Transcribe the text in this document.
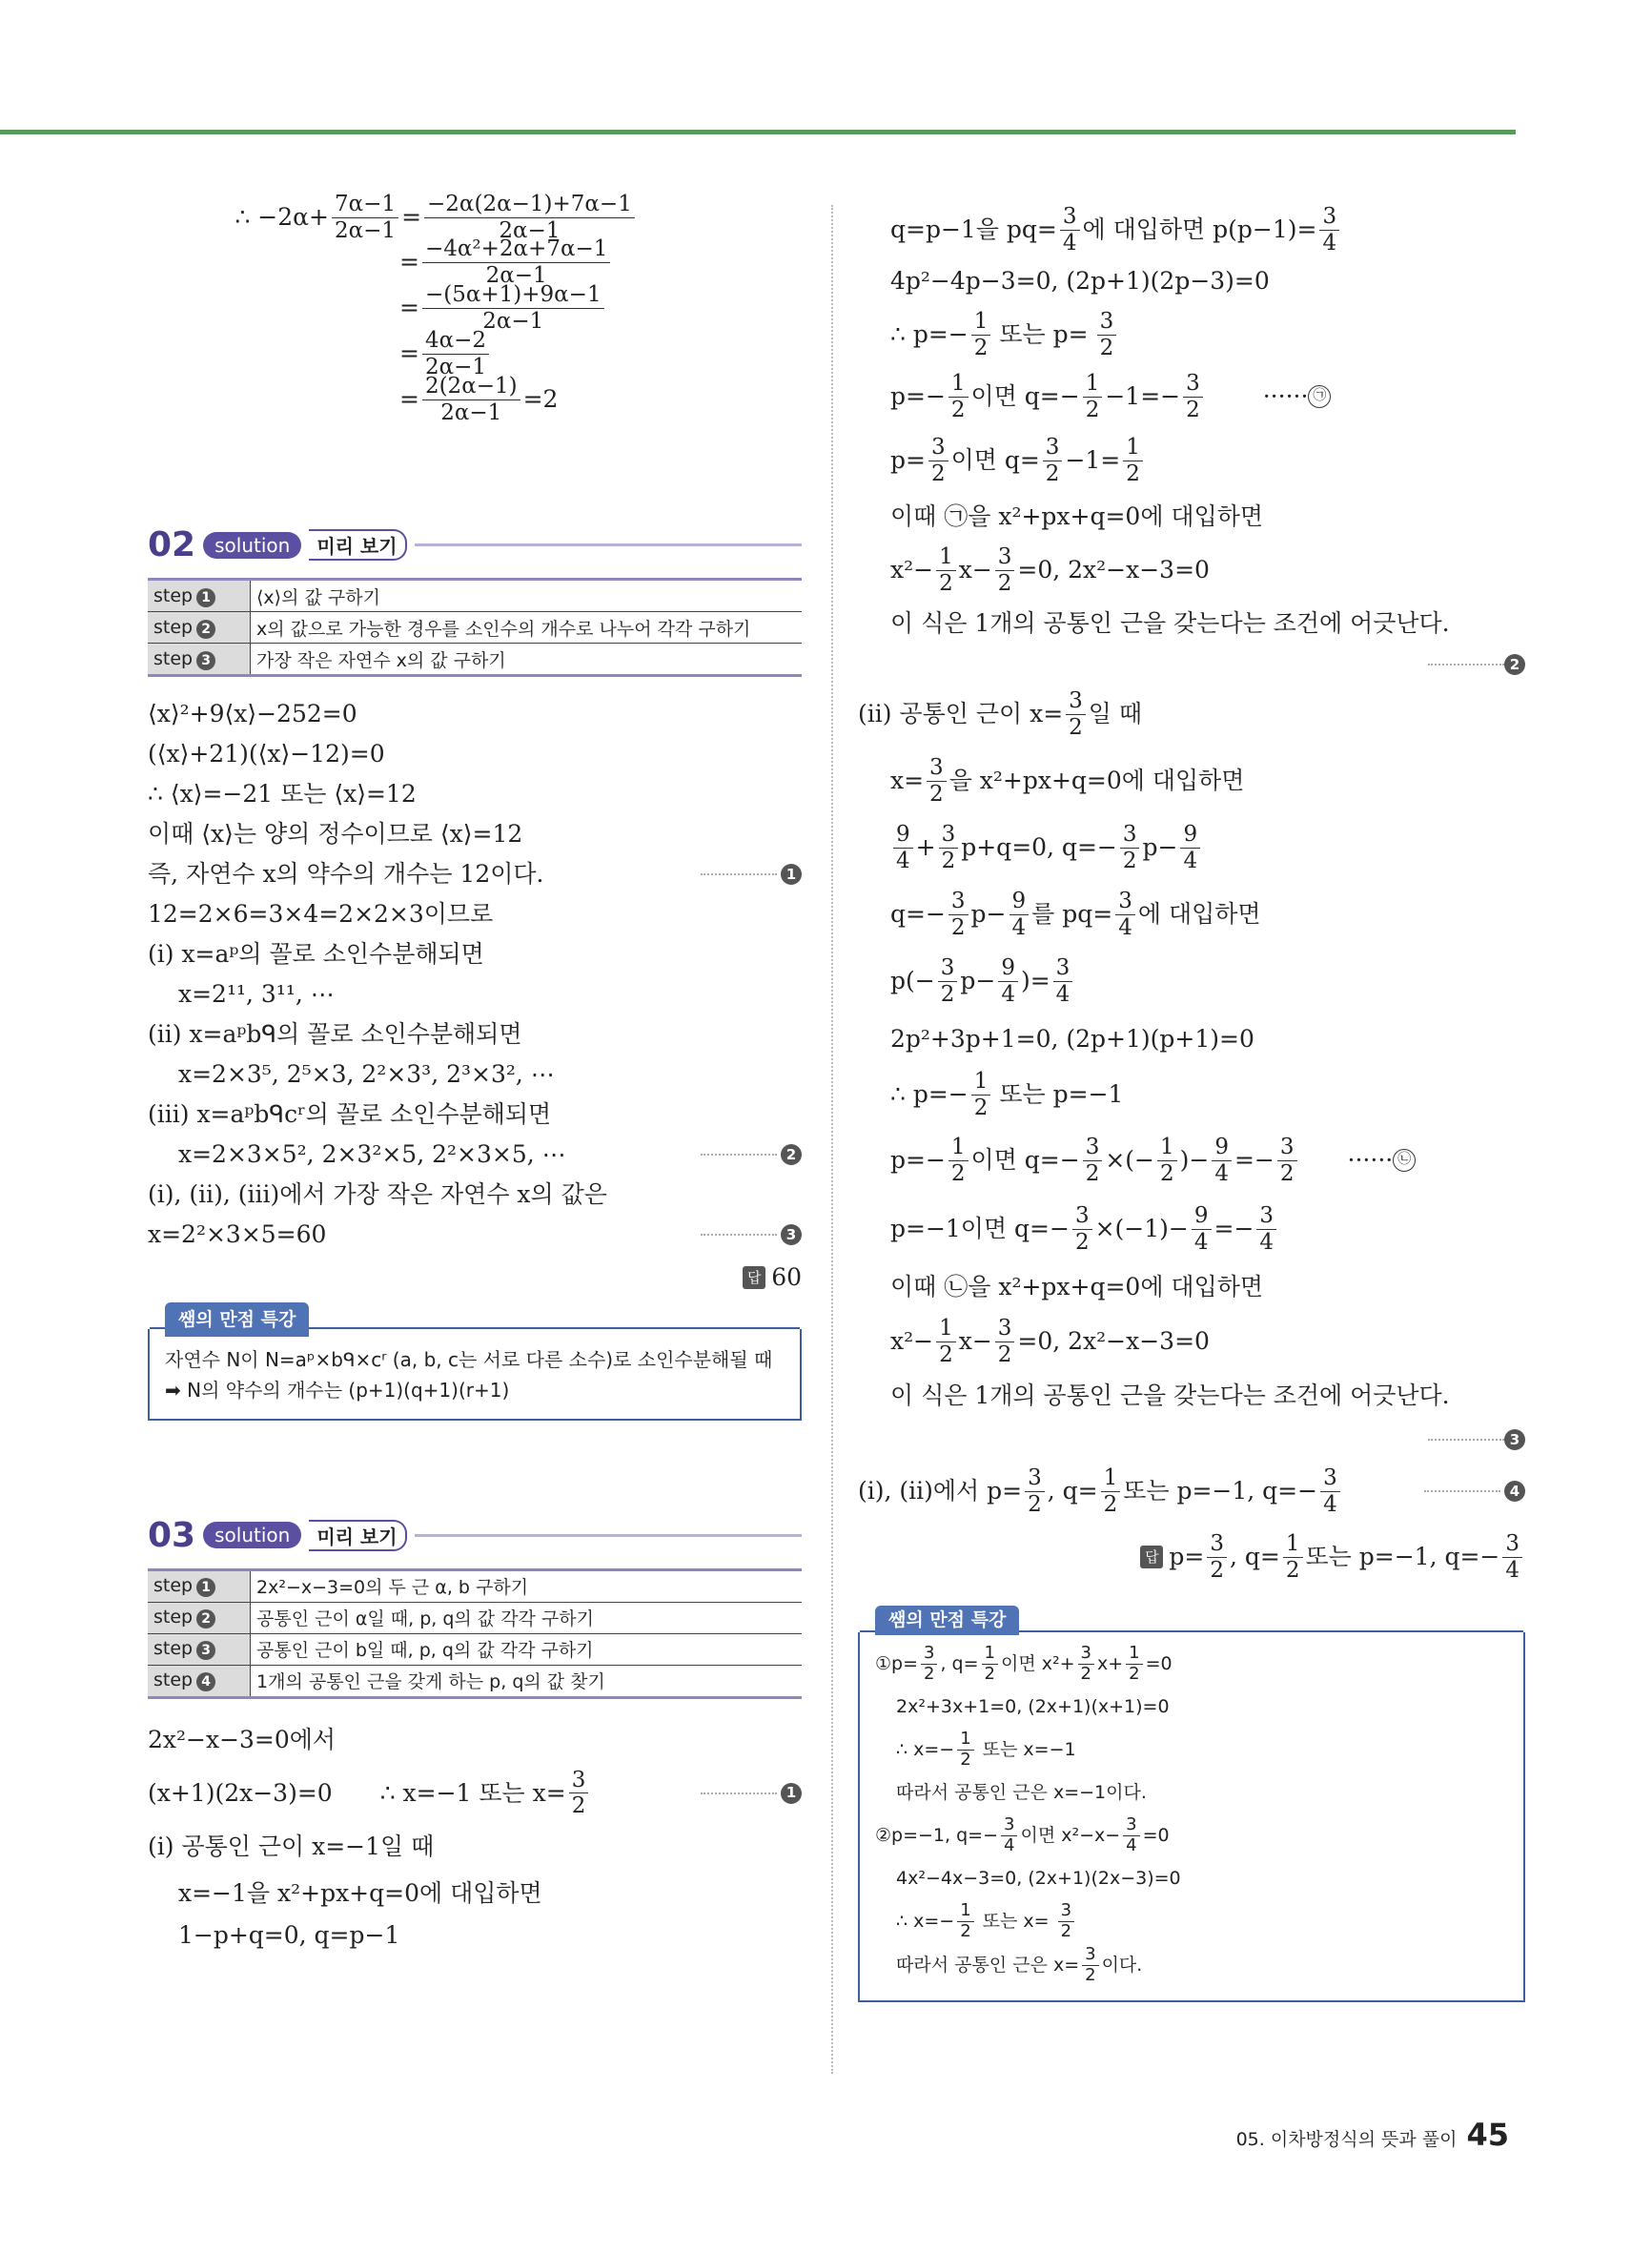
∴ $-2\alpha+ \frac{7\alpha-1}{2\alpha-1} = \frac{-2\alpha(2\alpha-1)+7\alpha-1}{2\alpha-1}$
= $\frac{\text{−4α²+2α+7α−1}}{2\alpha-1}$
= $\frac{-(5\alpha+1)+9\alpha-1}{2\alpha-1}$
= $\frac{4\alpha-2}{2\alpha-1}$
= $\frac{2(2\alpha-1)}{2\alpha-1} =2$
02	solution	미리 보기
step 1	⟨x⟩의 값 구하기
step 2	x의 값으로 가능한 경우를 소인수의 개수로 나누어 각각 구하기
step 3	가장 작은 자연수 x의 값 구하기
⟨x⟩²+9⟨x⟩−252=0
(⟨x⟩+21)(⟨x⟩−12)=0
∴ ⟨x⟩=−21 또는 ⟨x⟩=12
이때 ⟨x⟩는 양의 정수이므로 ⟨x⟩=12
즉, 자연수 x의 약수의 개수는 12이다.	1
12=2×6=3×4=2×2×3이므로
(ⅰ) x=aᵖ의 꼴로 소인수분해되면
x=2¹¹, 3¹¹, ⋯
(ⅱ) x=aᵖbᑫ의 꼴로 소인수분해되면
x=2×3⁵, 2⁵×3, 2²×3³, 2³×3², ⋯
(ⅲ) x=aᵖbᑫcʳ의 꼴로 소인수분해되면
x=2×3×5², 2×3²×5, 2²×3×5, ⋯	2
(ⅰ), (ⅱ), (ⅲ)에서 가장 작은 자연수 x의 값은
x=2²×3×5=60	3
답 60
쌤의 만점 특강
자연수 N이 N=aᵖ×bᑫ×cʳ (a, b, c는 서로 다른 소수)로 소인수분해될 때
➡ N의 약수의 개수는 (p+1)(q+1)(r+1)
03	solution	미리 보기
step 1	2x²−x−3=0의 두 근 α, b 구하기
step 2	공통인 근이 α일 때, p, q의 값 각각 구하기
step 3	공통인 근이 b일 때, p, q의 값 각각 구하기
step 4	1개의 공통인 근을 갖게 하는 p, q의 값 찾기
2x²−x−3=0에서
(x+1)(2x−3)=0 ∴ x=−1 또는 $x= \frac{3}{2}$	1
(ⅰ) 공통인 근이 x=−1일 때
x=−1을 x²+px+q=0에 대입하면
1−p+q=0, q=p−1
q=p−1을 $pq= \frac{3}{4}$ 에 대입하면 $p(p-1)= \frac{3}{4}$
4p²−4p−3=0, (2p+1)(2p−3)=0
∴ $p=- \frac{1}{2}$ 또는 $p= \frac{3}{2}$
$p=- \frac{1}{2}$ 이면 $q=- \frac{1}{2} -1=- \frac{3}{2}$	······ ㉠
$p= \frac{3}{2}$ 이면 $q= \frac{3}{2} -1= \frac{1}{2}$
이때 ㉠을 x²+px+q=0에 대입하면
$x^2- \frac{1}{2} x- \frac{3}{2} =0$, 2x²−x−3=0
이 식은 1개의 공통인 근을 갖는다는 조건에 어긋난다.
2
(ⅱ) 공통인 근이 $x= \frac{3}{2}$ 일 때
$x= \frac{3}{2}$ 을 x²+px+q=0에 대입하면
$\frac{9}{4} + \frac{3}{2} p+q=0$, $q=- \frac{3}{2} p- \frac{9}{4}$
$q=- \frac{3}{2} p- \frac{9}{4}$ 를 $pq= \frac{3}{4}$ 에 대입하면
$p(- \frac{3}{2} p- \frac{9}{4}$ )= $\frac{3}{4}$
2p²+3p+1=0, (2p+1)(p+1)=0
∴ $p=- \frac{1}{2}$ 또는 p=−1
$p=- \frac{1}{2}$ 이면 $q=- \frac{3}{2}$ ×(− $\frac{1}{2}$ )− $\frac{9}{4} =- \frac{3}{2}$ ······ ㉡
p=−1이면 $q=- \frac{3}{2} \times(-1)- \frac{9}{4} =- \frac{3}{4}$
이때 ㉡을 x²+px+q=0에 대입하면
$x^2- \frac{1}{2} x- \frac{3}{2} =0$, 2x²−x−3=0
이 식은 1개의 공통인 근을 갖는다는 조건에 어긋난다.
3
(ⅰ), (ⅱ)에서 $p= \frac{3}{2}$ , $q= \frac{1}{2}$ 또는 p=−1, $q=- \frac{3}{4}$	4
답 $p= \frac{3}{2}$ , $q= \frac{1}{2}$ 또는 p=−1, $q=- \frac{3}{4}$
쌤의 만점 특강
①p= $\frac{3}{2}$ , $q= \frac{1}{2}$ 이면 $x^2+ \frac{3}{2} x+ \frac{1}{2} =0$
2x²+3x+1=0, (2x+1)(x+1)=0
∴ $x=- \frac{1}{2}$ 또는 x=−1
따라서 공통인 근은 x=−1이다.
②p=−1, $q=- \frac{3}{4}$ 이면 $x^2-x- \frac{3}{4} =0$
4x²−4x−3=0, (2x+1)(2x−3)=0
∴ $x=- \frac{1}{2}$ 또는 $x= \frac{3}{2}$
따라서 공통인 근은 $x= \frac{3}{2}$ 이다.
05. 이차방정식의 뜻과 풀이 45
